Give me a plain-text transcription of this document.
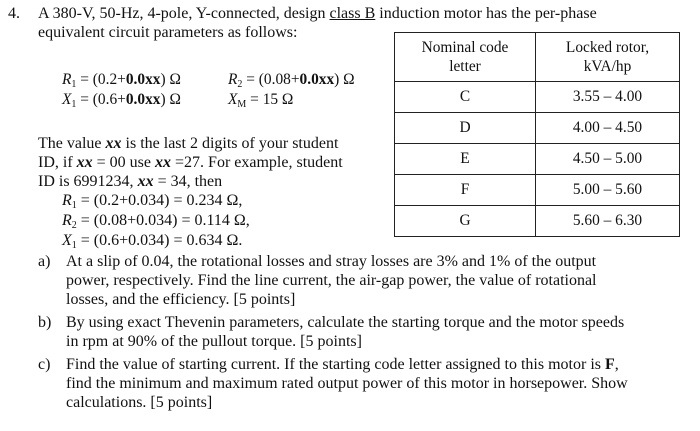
4. A 380-V, 50-Hz, 4-pole, Y-connected, design class B induction motor has the per-phase
equivalent circuit parameters as follows:
$R_1 = (0.2+0.0xx)$ Ω	$R_2 = (0.08+0.0xx)$ Ω
$X_1 = (0.6+0.0xx)$ Ω	$X_M = 15$ Ω
Nominal code
letter	Locked rotor,
kVA/hp
C	3.55 – 4.00
D	4.00 – 4.50
E	4.50 – 5.00
F	5.00 – 5.60
G	5.60 – 6.30
The value xx is the last 2 digits of your student
ID, if xx = 00 use xx =27. For example, student
ID is 6991234, xx = 34, then
$R_1 = (0.2+0.034) = 0.234$ Ω,
$R_2 = (0.08+0.034) = 0.114$ Ω,
$X_1 = (0.6+0.034) = 0.634$ Ω.
a) At a slip of 0.04, the rotational losses and stray losses are 3% and 1% of the output
power, respectively. Find the line current, the air-gap power, the value of rotational
losses, and the efficiency. [5 points]
b) By using exact Thevenin parameters, calculate the starting torque and the motor speeds
in rpm at 90% of the pullout torque. [5 points]
c) Find the value of starting current. If the starting code letter assigned to this motor is F,
find the minimum and maximum rated output power of this motor in horsepower. Show
calculations. [5 points]
